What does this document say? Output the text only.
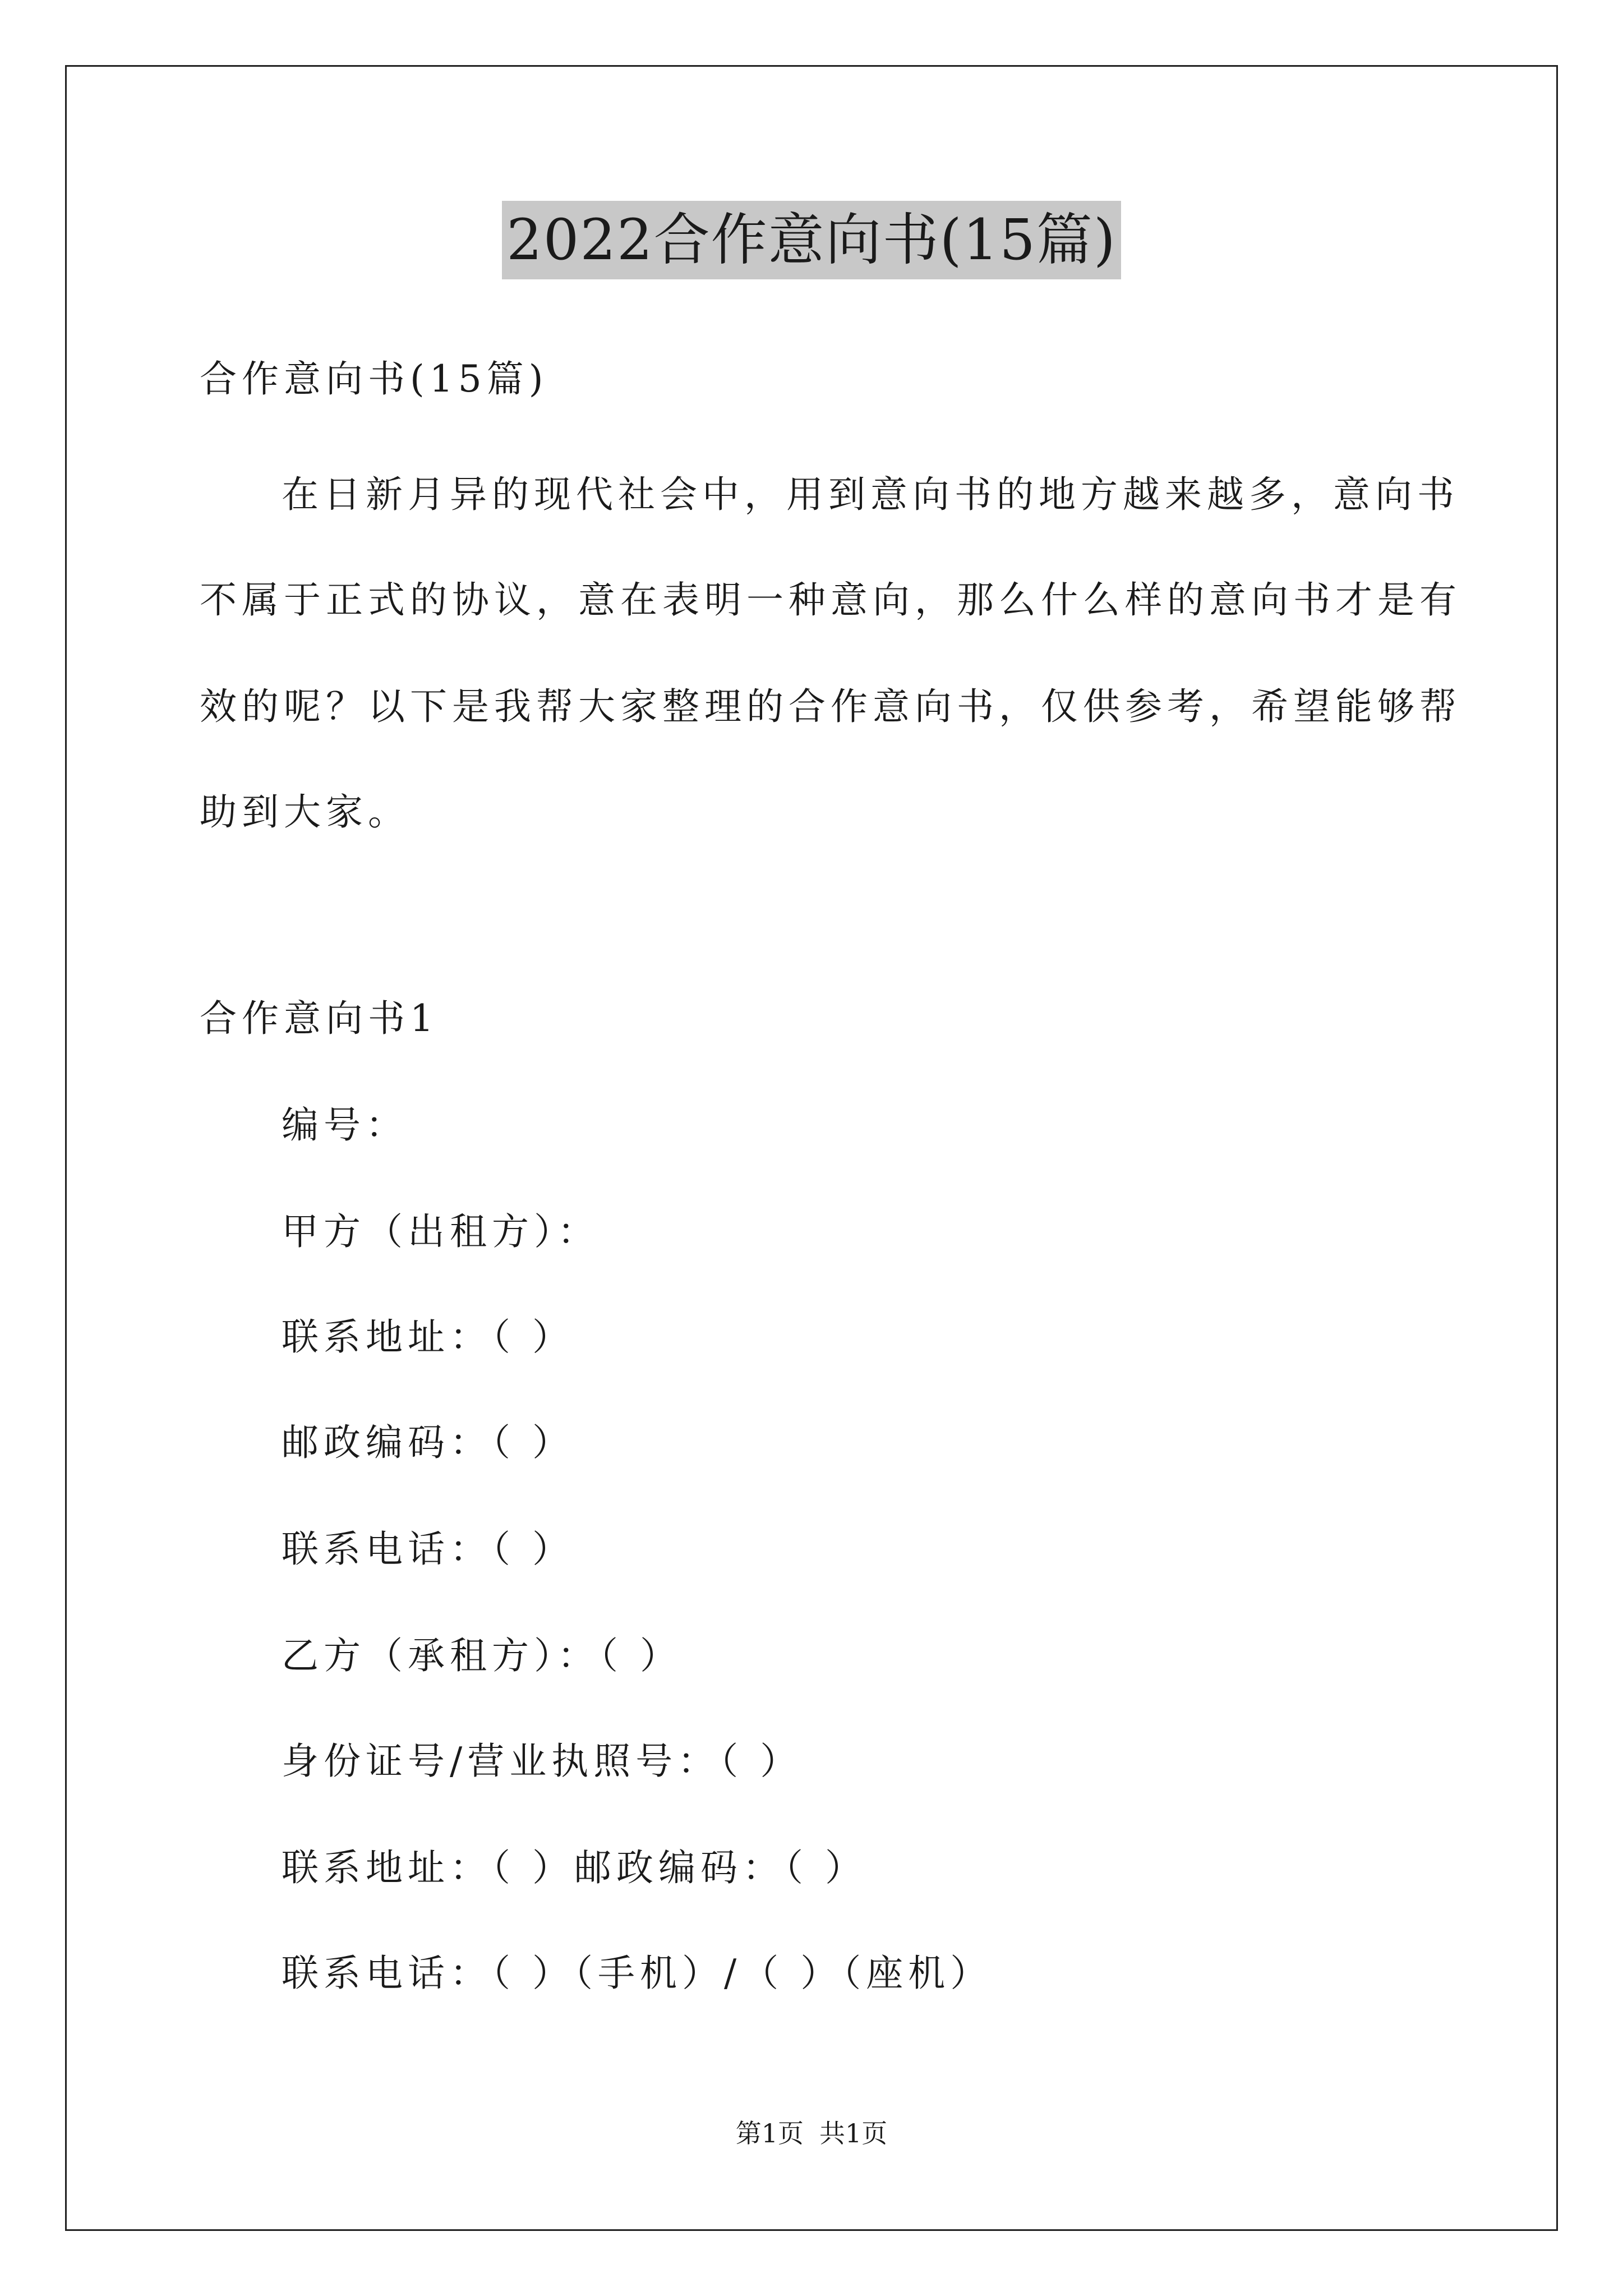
2022合作意向书(15篇)
合作意向书(15篇)
在日新月异的现代社会中，用到意向书的地方越来越多，意向书
不属于正式的协议，意在表明一种意向，那么什么样的意向书才是有
效的呢？以下是我帮大家整理的合作意向书，仅供参考，希望能够帮
助到大家。
合作意向书1
编号：
甲方（出租方）：
联系地址：（ ）
邮政编码：（ ）
联系电话：（ ）
乙方（承租方）：（ ）
身份证号/营业执照号：（ ）
联系地址：（ ）邮政编码：（ ）
联系电话：（ ）（手机）/（ ）（座机）
第1页 共1页
